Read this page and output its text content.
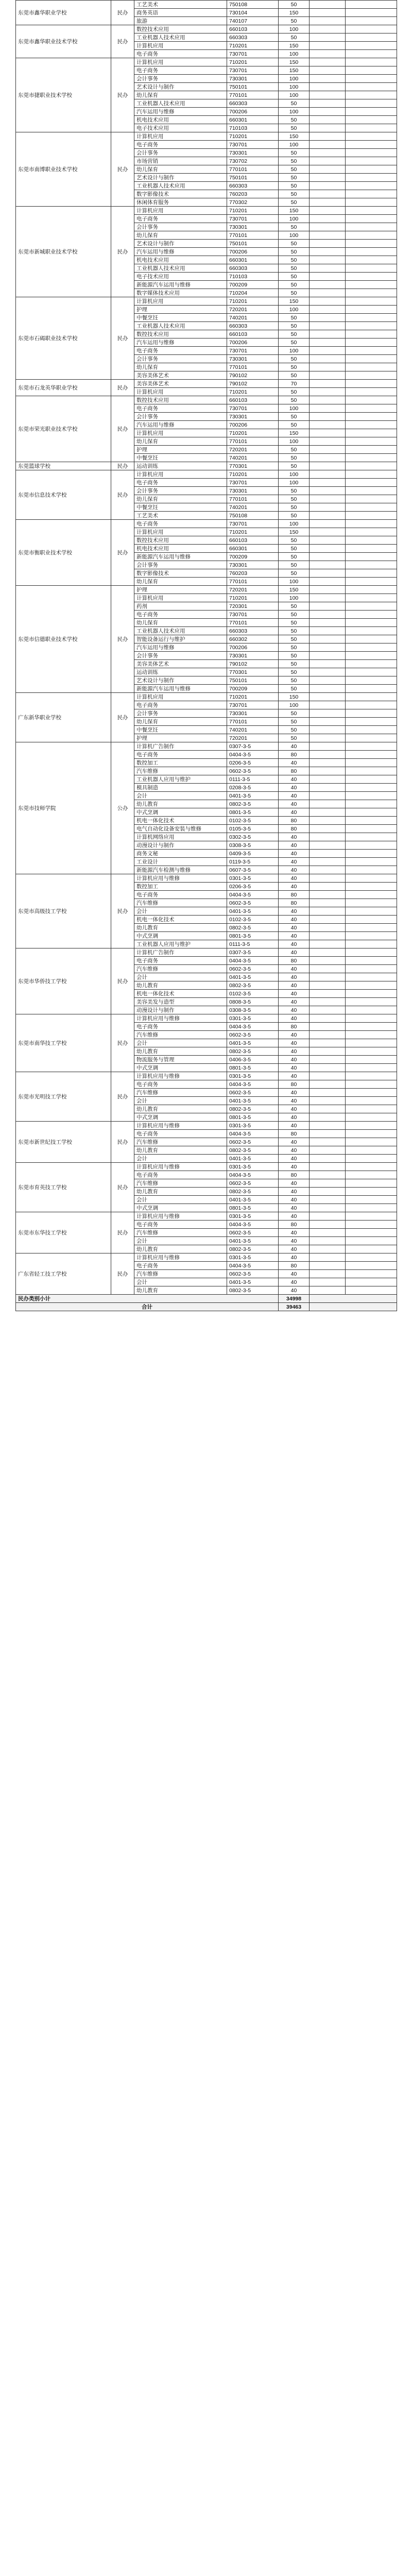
东莞市鑫华职业学校	民办	工艺美术	750108	50		
		商务英语	730104	150		
		旅游	740107	50		
东莞市鑫华职业技术学校	民办	数控技术应用	660103	100		
		工业机器人技术应用	660303	50		
		计算机应用	710201	150		
		电子商务	730701	100		
东莞市捷职业技术学校	民办	计算机应用	710201	150		
		电子商务	730701	150		
		会计事务	730301	100		
		艺术设计与制作	750101	100		
		幼儿保育	770101	100		
		工业机器人技术应用	660303	50		
		汽车运用与维修	700206	100		
		机电技术应用	660301	50		
		电子技术应用	710103	50		
东莞市南博职业技术学校	民办	计算机应用	710201	150		
		电子商务	730701	100		
		会计事务	730301	50		
		市场营销	730702	50		
		幼儿保育	770101	50		
		艺术设计与制作	750101	50		
		工业机器人技术应用	660303	50		
		数字影像技术	760203	50		
		休闲体育服务	770302	50		
东莞市新城职业技术学校	民办	计算机应用	710201	150		
		电子商务	730701	100		
		会计事务	730301	50		
		幼儿保育	770101	100		
		艺术设计与制作	750101	50		
		汽车运用与维修	700206	50		
		机电技术应用	660301	50		
		工业机器人技术应用	660303	50		
		电子技术应用	710103	50		
		新能源汽车运用与维修	700209	50		
		数字媒体技术应用	710204	50		
东莞市石碣职业技术学校	民办	计算机应用	710201	150		
		护理	720201	100		
		中餐烹饪	740201	50		
		工业机器人技术应用	660303	50		
		数控技术应用	660103	50		
		汽车运用与维修	700206	50		
		电子商务	730701	100		
		会计事务	730301	50		
		幼儿保育	770101	50		
		美容美体艺术	790102	50		
东莞市石龙英华职业学校	民办	美容美体艺术	790102	70		
		计算机应用	710201	50		
东莞市荣光职业技术学校	民办	数控技术应用	660103	50		
		电子商务	730701	100		
		会计事务	730301	50		
		汽车运用与维修	700206	50		
		计算机应用	710201	150		
		幼儿保育	770101	100		
		护理	720201	50		
		中餐烹饪	740201	50		
东莞篮球学校	民办	运动训练	770301	50		
东莞市信息技术学校	民办	计算机应用	710201	100		
		电子商务	730701	100		
		会计事务	730301	50		
		幼儿保育	770101	50		
		中餐烹饪	740201	50		
		工艺美术	750108	50		
东莞市衡职业技术学校	民办	电子商务	730701	100		
		计算机应用	710201	150		
		数控技术应用	660103	50		
		机电技术应用	660301	50		
		新能源汽车运用与维修	700209	50		
		会计事务	730301	50		
		数字影像技术	760203	50		
		幼儿保育	770101	100		
东莞市信德职业技术学校	民办	护理	720201	150		
		计算机应用	710201	100		
		药剂	720301	50		
		电子商务	730701	50		
		幼儿保育	770101	50		
		工业机器人技术应用	660303	50		
		智能设备运行与维护	660302	50		
		汽车运用与维修	700206	50		
		会计事务	730301	50		
		美容美体艺术	790102	50		
		运动训练	770301	50		
		艺术设计与制作	750101	50		
		新能源汽车运用与维修	700209	50		
广东新华职业学校	民办	计算机应用	710201	150		
		电子商务	730701	100		
		会计事务	730301	50		
		幼儿保育	770101	50		
		中餐烹饪	740201	50		
		护理	720201	50		
东莞市技师学院	公办	计算机广告制作	0307-3-5	40		
		电子商务	0404-3-5	80		
		数控加工	0206-3-5	40		
		汽车维修	0602-3-5	80		
		工业机器人应用与维护	0111-3-5	40		
		模具制造	0208-3-5	40		
		会计	0401-3-5	40		
		幼儿教育	0802-3-5	40		
		中式烹调	0801-3-5	40		
		机电一体化技术	0102-3-5	80		
		电气自动化设备安装与维修	0105-3-5	80		
		计算机网络应用	0302-3-5	40		
		动漫设计与制作	0308-3-5	40		
		商务文秘	0409-3-5	40		
		工业设计	0119-3-5	40		
		新能源汽车检测与维修	0607-3-5	40		
东莞市高级技工学校	民办	计算机应用与维修	0301-3-5	40		
		数控加工	0206-3-5	40		
		电子商务	0404-3-5	80		
		汽车维修	0602-3-5	80		
		会计	0401-3-5	40		
		机电一体化技术	0102-3-5	40		
		幼儿教育	0802-3-5	40		
		中式烹调	0801-3-5	40		
		工业机器人应用与维护	0111-3-5	40		
东莞市华侨技工学校	民办	计算机广告制作	0307-3-5	40		
		电子商务	0404-3-5	80		
		汽车维修	0602-3-5	40		
		会计	0401-3-5	40		
		幼儿教育	0802-3-5	40		
		机电一体化技术	0102-3-5	40		
		美容美发与造型	0808-3-5	40		
		动漫设计与制作	0308-3-5	40		
东莞市南华技工学校	民办	计算机应用与维修	0301-3-5	40		
		电子商务	0404-3-5	80		
		汽车维修	0602-3-5	40		
		会计	0401-3-5	40		
		幼儿教育	0802-3-5	40		
		物流服务与管理	0406-3-5	40		
		中式烹调	0801-3-5	40		
东莞市光明技工学校	民办	计算机应用与维修	0301-3-5	40		
		电子商务	0404-3-5	80		
		汽车维修	0602-3-5	40		
		会计	0401-3-5	40		
		幼儿教育	0802-3-5	40		
		中式烹调	0801-3-5	40		
东莞市新世纪技工学校	民办	计算机应用与维修	0301-3-5	40		
		电子商务	0404-3-5	80		
		汽车维修	0602-3-5	40		
		幼儿教育	0802-3-5	40		
		会计	0401-3-5	40		
东莞市育英技工学校	民办	计算机应用与维修	0301-3-5	40		
		电子商务	0404-3-5	80		
		汽车维修	0602-3-5	40		
		幼儿教育	0802-3-5	40		
		会计	0401-3-5	40		
		中式烹调	0801-3-5	40		
东莞市东华技工学校	民办	计算机应用与维修	0301-3-5	40		
		电子商务	0404-3-5	80		
		汽车维修	0602-3-5	40		
		会计	0401-3-5	40		
		幼儿教育	0802-3-5	40		
广东省轻工技工学校	民办	计算机应用与维修	0301-3-5	40		
		电子商务	0404-3-5	80		
		汽车维修	0602-3-5	40		
		会计	0401-3-5	40		
		幼儿教育	0802-3-5	40		
民办类别小计				34998		
合计				39463		
